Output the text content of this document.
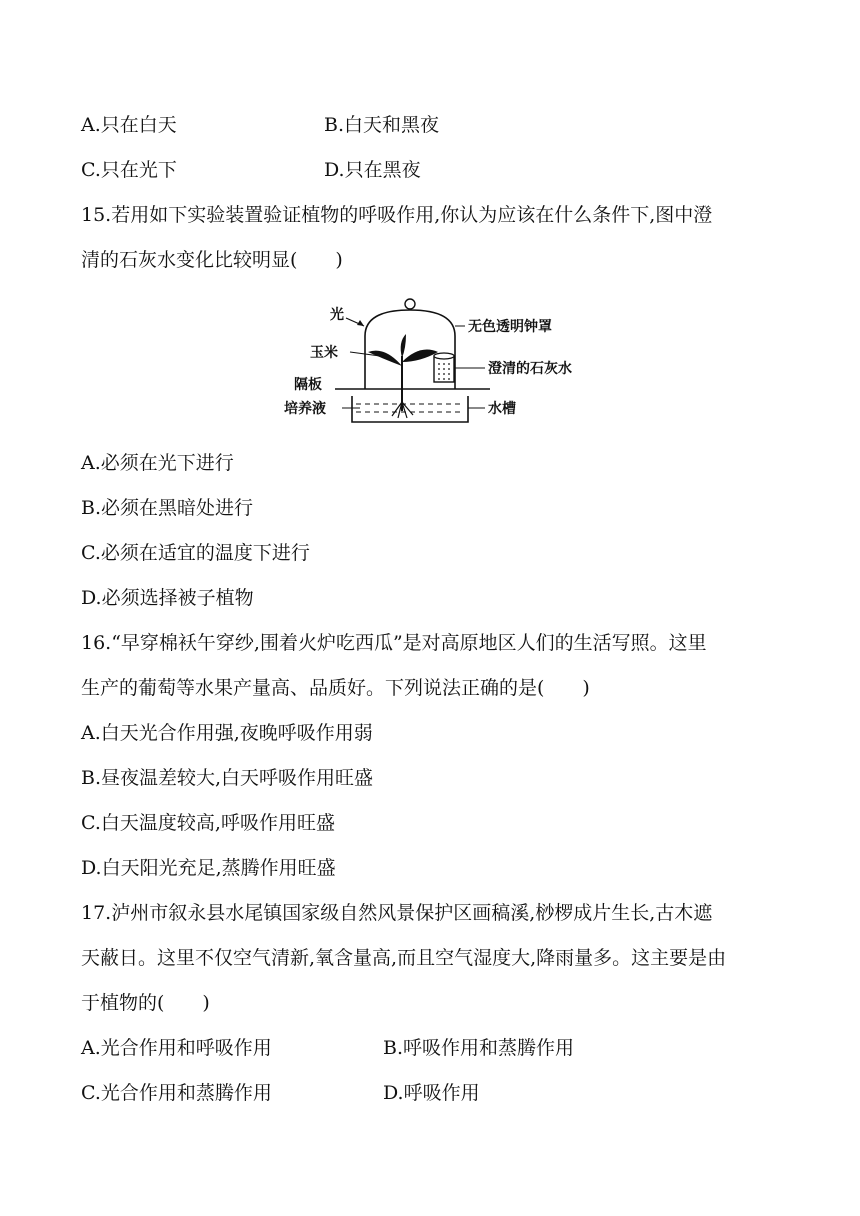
A.只在白天	B.白天和黑夜
C.只在光下	D.只在黑夜
15.若用如下实验装置验证植物的呼吸作用,你认为应该在什么条件下,图中澄
清的石灰水变化比较明显(　　)
光
玉米
隔板
培养液
无色透明钟罩
澄清的石灰水
水槽
A.必须在光下进行
B.必须在黑暗处进行
C.必须在适宜的温度下进行
D.必须选择被子植物
16.“早穿棉袄午穿纱,围着火炉吃西瓜”是对高原地区人们的生活写照。这里
生产的葡萄等水果产量高、品质好。下列说法正确的是(　　)
A.白天光合作用强,夜晚呼吸作用弱
B.昼夜温差较大,白天呼吸作用旺盛
C.白天温度较高,呼吸作用旺盛
D.白天阳光充足,蒸腾作用旺盛
17.泸州市叙永县水尾镇国家级自然风景保护区画稿溪,桫椤成片生长,古木遮
天蔽日。这里不仅空气清新,氧含量高,而且空气湿度大,降雨量多。这主要是由
于植物的(　　)
A.光合作用和呼吸作用	B.呼吸作用和蒸腾作用
C.光合作用和蒸腾作用	D.呼吸作用
